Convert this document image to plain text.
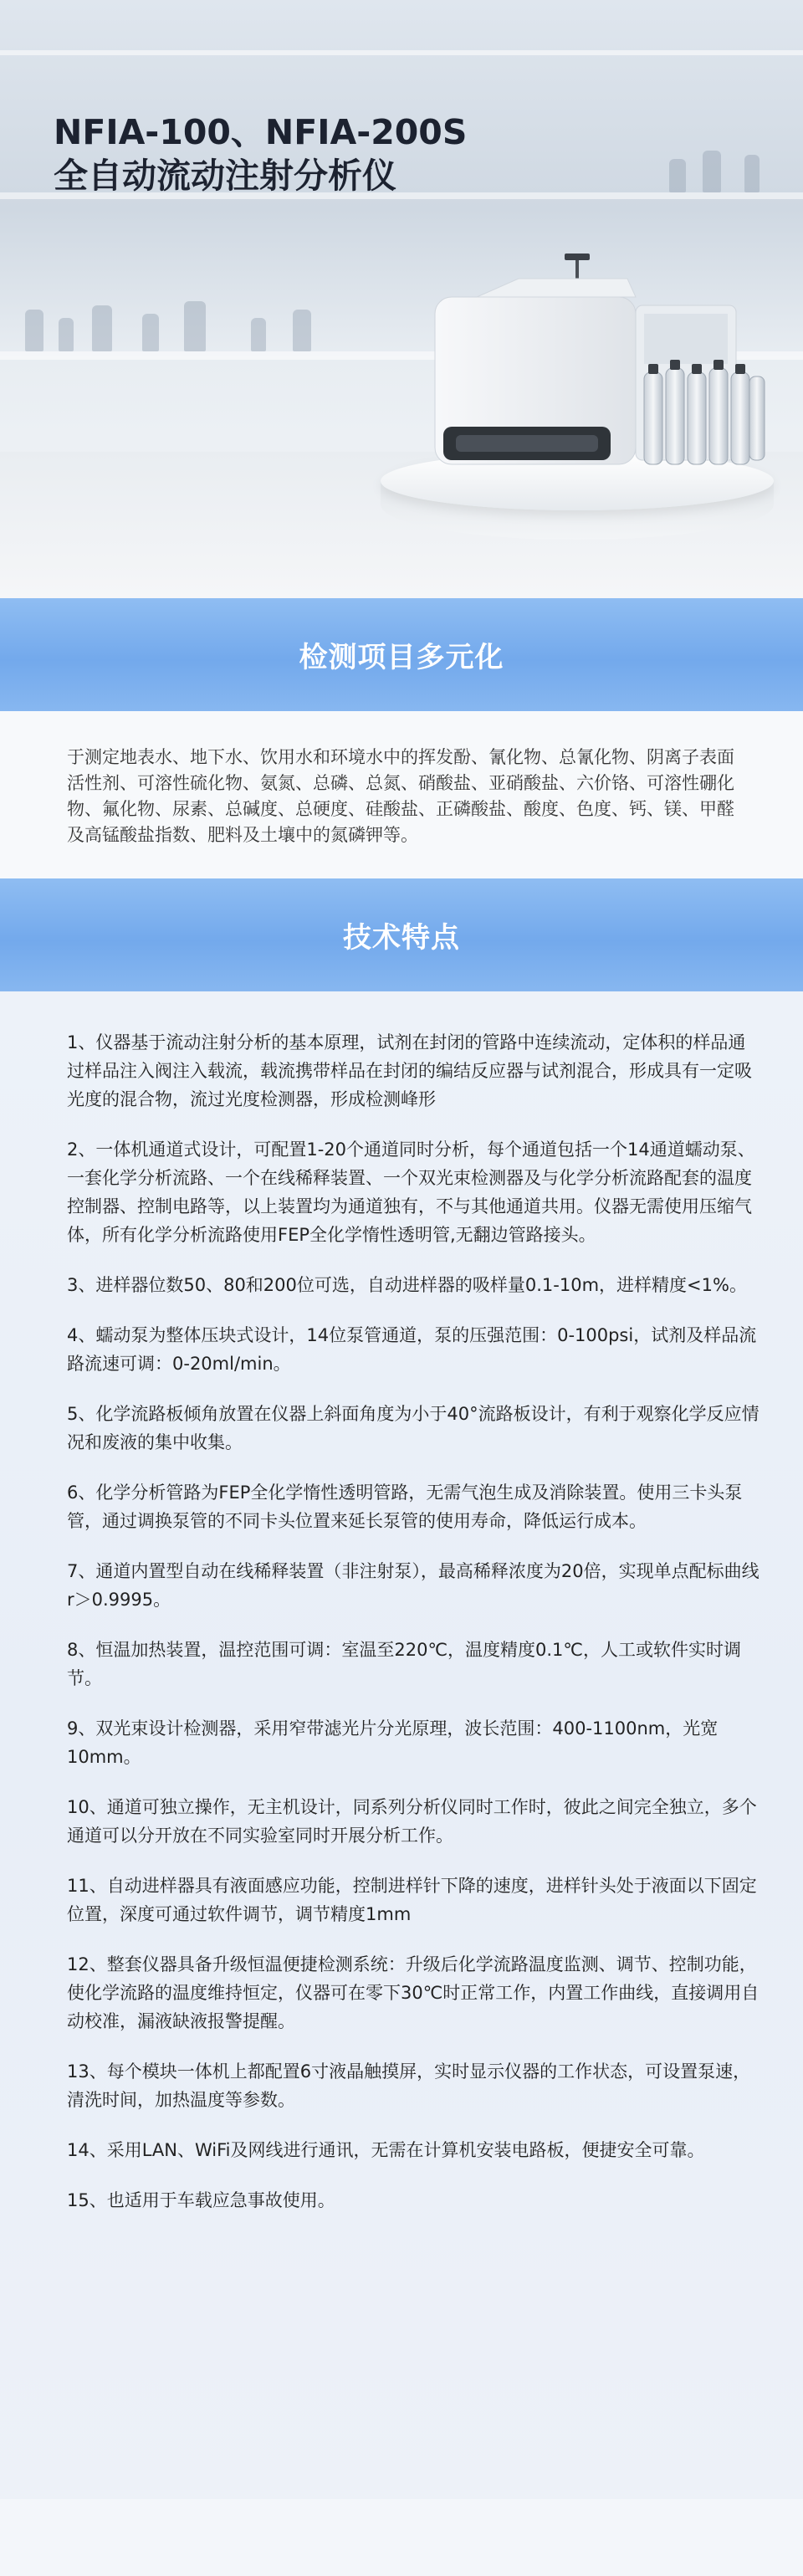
NFIA-100、NFIA-200S
全自动流动注射分析仪
检测项目多元化

于测定地表水、地下水、饮用水和环境水中的挥发酚、氰化物、总氰化物、阴离子表面活性剂、可溶性硫化物、氨氮、总磷、总氮、硝酸盐、亚硝酸盐、六价铬、可溶性硼化物、氟化物、尿素、总碱度、总硬度、硅酸盐、正磷酸盐、酸度、色度、钙、镁、甲醛及高锰酸盐指数、肥料及土壤中的氮磷钾等。

技术特点

1、仪器基于流动注射分析的基本原理，试剂在封闭的管路中连续流动，定体积的样品通过样品注入阀注入载流，载流携带样品在封闭的编结反应器与试剂混合，形成具有一定吸光度的混合物，流过光度检测器，形成检测峰形

2、一体机通道式设计，可配置1-20个通道同时分析，每个通道包括一个14通道蠕动泵、一套化学分析流路、一个在线稀释装置、一个双光束检测器及与化学分析流路配套的温度控制器、控制电路等，以上装置均为通道独有，不与其他通道共用。仪器无需使用压缩气体，所有化学分析流路使用FEP全化学惰性透明管,无翻边管路接头。

3、进样器位数50、80和200位可选，自动进样器的吸样量0.1-10m，进样精度<1%。

4、蠕动泵为整体压块式设计，14位泵管通道，泵的压强范围：0-100psi，试剂及样品流路流速可调：0-20ml/min。

5、化学流路板倾角放置在仪器上斜面角度为小于40°流路板设计，有利于观察化学反应情况和废液的集中收集。

6、化学分析管路为FEP全化学惰性透明管路，无需气泡生成及消除装置。使用三卡头泵管，通过调换泵管的不同卡头位置来延长泵管的使用寿命，降低运行成本。

7、通道内置型自动在线稀释装置（非注射泵），最高稀释浓度为20倍，实现单点配标曲线r＞0.9995。

8、恒温加热装置，温控范围可调：室温至220℃，温度精度0.1℃，人工或软件实时调节。

9、双光束设计检测器，采用窄带滤光片分光原理，波长范围：400-1100nm，光宽10mm。

10、通道可独立操作，无主机设计，同系列分析仪同时工作时，彼此之间完全独立，多个通道可以分开放在不同实验室同时开展分析工作。

11、自动进样器具有液面感应功能，控制进样针下降的速度，进样针头处于液面以下固定位置，深度可通过软件调节，调节精度1mm

12、整套仪器具备升级恒温便捷检测系统：升级后化学流路温度监测、调节、控制功能，使化学流路的温度维持恒定，仪器可在零下30℃时正常工作，内置工作曲线，直接调用自动校准，漏液缺液报警提醒。

13、每个模块一体机上都配置6寸液晶触摸屏，实时显示仪器的工作状态，可设置泵速，清洗时间，加热温度等参数。

14、采用LAN、WiFi及网线进行通讯，无需在计算机安装电路板，便捷安全可靠。

15、也适用于车载应急事故使用。
